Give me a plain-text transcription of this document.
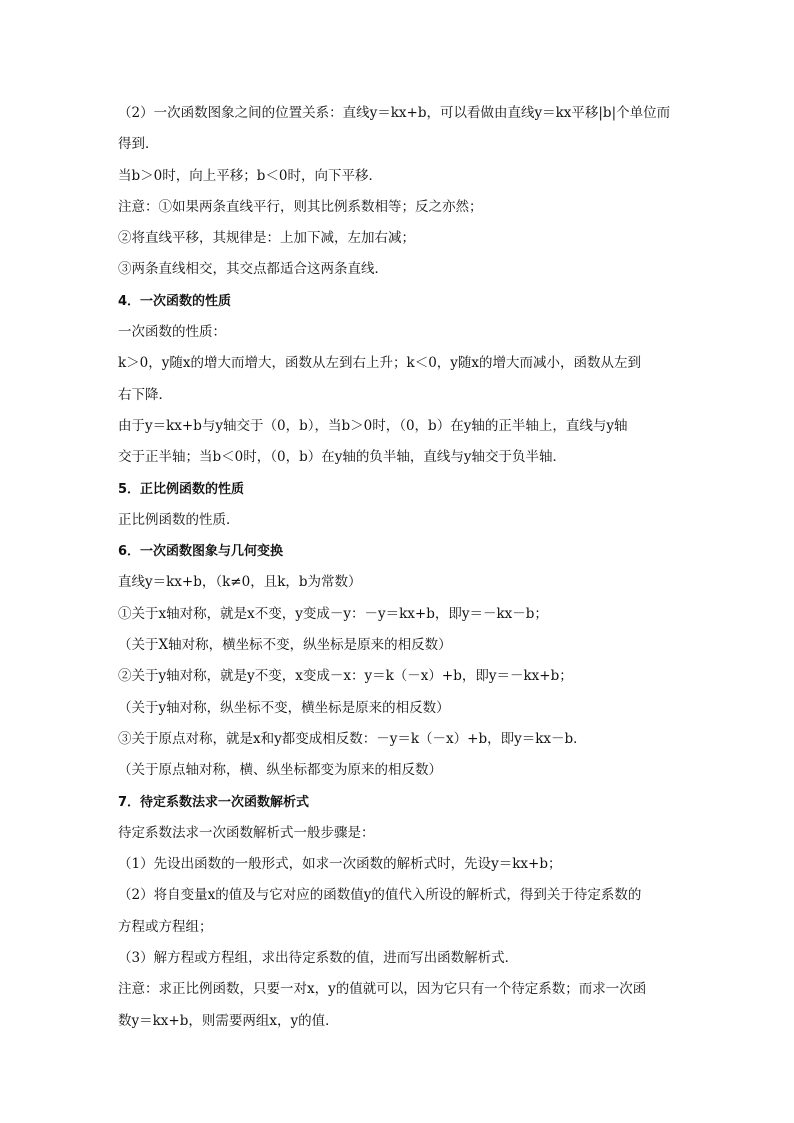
（2）一次函数图象之间的位置关系：直线y＝kx+b，可以看做由直线y＝kx平移|b|个单位而
得到．
当b＞0时，向上平移；b＜0时，向下平移．
注意：①如果两条直线平行，则其比例系数相等；反之亦然；
②将直线平移，其规律是：上加下减，左加右减；
③两条直线相交，其交点都适合这两条直线．
4．一次函数的性质
一次函数的性质：
k＞0，y随x的增大而增大，函数从左到右上升；k＜0，y随x的增大而减小，函数从左到
右下降．
由于y＝kx+b与y轴交于（0，b），当b＞0时，（0，b）在y轴的正半轴上，直线与y轴
交于正半轴；当b＜0时，（0，b）在y轴的负半轴，直线与y轴交于负半轴．
5．正比例函数的性质
正比例函数的性质．
6．一次函数图象与几何变换
直线y＝kx+b，（k≠0，且k，b为常数）
①关于x轴对称，就是x不变，y变成－y：－y＝kx+b，即y＝－kx－b；
（关于X轴对称，横坐标不变，纵坐标是原来的相反数）
②关于y轴对称，就是y不变，x变成－x：y＝k（－x）+b，即y＝－kx+b；
（关于y轴对称，纵坐标不变，横坐标是原来的相反数）
③关于原点对称，就是x和y都变成相反数：－y＝k（－x）+b，即y＝kx－b．
（关于原点轴对称，横、纵坐标都变为原来的相反数）
7．待定系数法求一次函数解析式
待定系数法求一次函数解析式一般步骤是：
（1）先设出函数的一般形式，如求一次函数的解析式时，先设y＝kx+b；
（2）将自变量x的值及与它对应的函数值y的值代入所设的解析式，得到关于待定系数的
方程或方程组；
（3）解方程或方程组，求出待定系数的值，进而写出函数解析式．
注意：求正比例函数，只要一对x，y的值就可以，因为它只有一个待定系数；而求一次函
数y＝kx+b，则需要两组x，y的值．
